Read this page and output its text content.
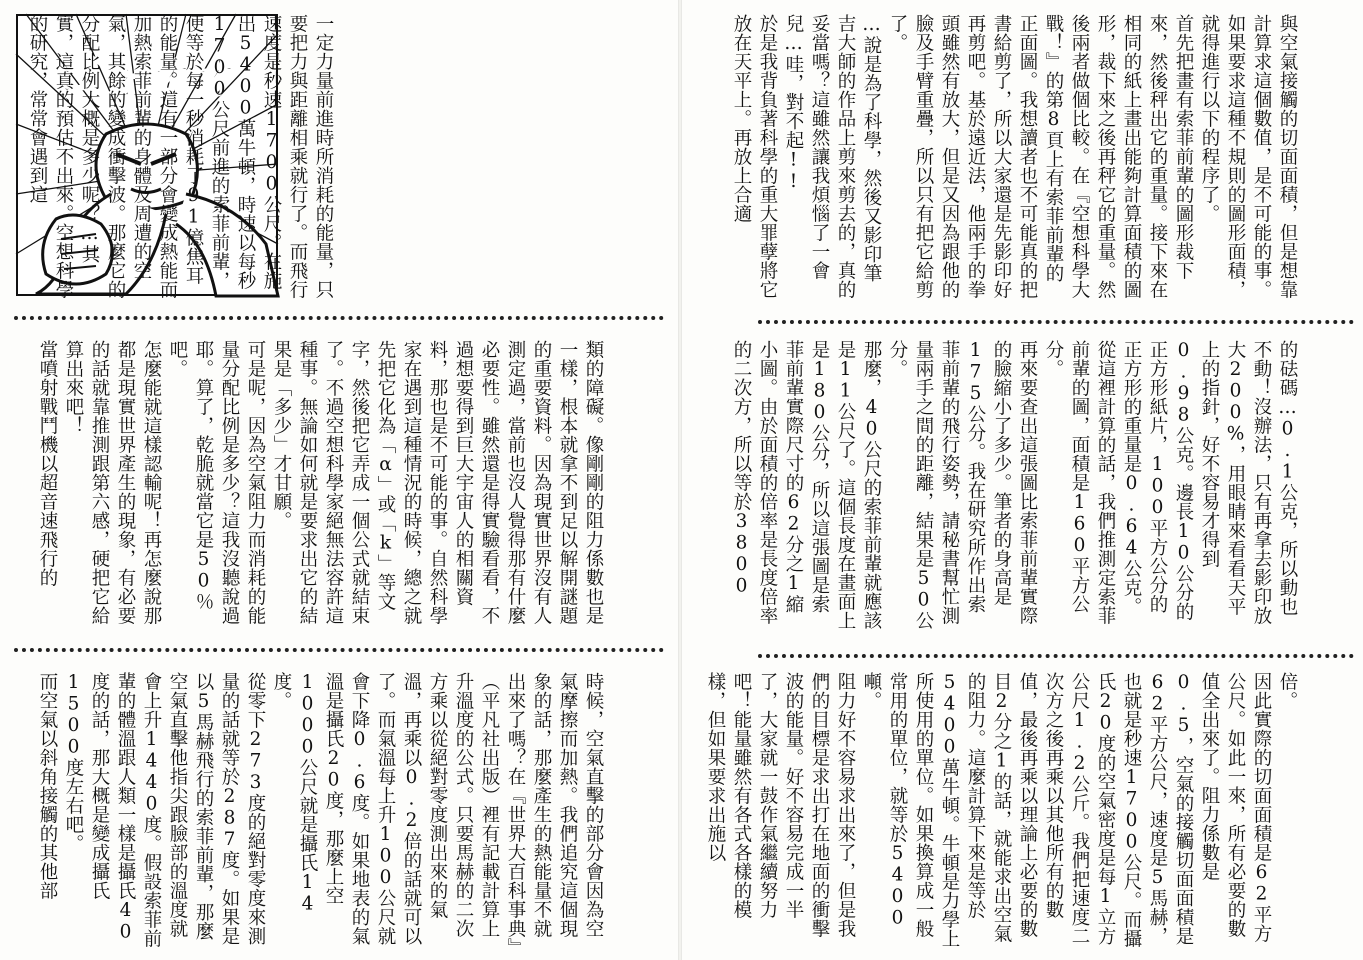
ゴォオオ

	一定力量前進時所消耗的能量，只要把力與距離相乘就行了。而飛行速度是秒速1700公尺。在施出5400萬牛頓，時速以每秒1700公尺前進的索菲前輩，便等於每一秒消耗了91億焦耳的能量。這有一部分會變成熱能而加熱索菲前輩的身體及周遭的空氣，其餘的變成衝擊波。那麼它的分配比例大概是多少呢？…其實，這真的預估不出來。空想科學的研究，常常會遇到這

類的障礙。像剛剛的阻力係數也是一樣，根本就拿不到足以解開謎題的重要資料。因為現實世界沒有人測定過，當前也沒人覺得那有什麼必要性。雖然還是得實驗看看，不過想要得到巨大宇宙人的相關資料，那也是不可能的事。自然科學家在遇到這種情況的時候，總之就先把它化為「α」或「k」等文字，然後把它弄成一個公式就結束了。不過空想科學家絕無法容許這種事。無論如何就是要求出它的結果是「多少」才甘願。
可是呢，因為空氣阻力而消耗的能量分配比例是多少？這我沒聽說過耶。算了，乾脆就當它是50％吧。
怎麼能就這樣認輸呢！再怎麼說那都是現實世界產生的現象，有必要的話就靠推測跟第六感，硬把它給算出來吧！
當噴射戰鬥機以超音速飛行的

時候，空氣直擊的部分會因為空氣摩擦而加熱。我們追究這個現象的話，那麼產生的熱能量不就出來了嗎？在『世界大百科事典』（平凡社出版）裡有記載計算上升溫度的公式。只要馬赫的二次方乘以從絕對零度測出來的氣溫，再乘以0.2倍的話就可以了。而氣溫每上升100公尺就會下降0.6度。如果地表的氣溫是攝氏20度，那麼上空1000公尺就是攝氏14度。
從零下273度的絕對零度來測量的話就等於287度。如果是以5馬赫飛行的索菲前輩，那麼空氣直擊他指尖跟臉部的溫度就會上升1440度。假設索菲前輩的體溫跟人類一樣是攝氏40度的話，那大概是變成攝氏1500度左右吧。
而空氣以斜角接觸的其他部

與空氣接觸的切面面積，但是想靠計算求這個數值，是不可能的事。如果要求這種不規則的圖形面積，就得進行以下的程序了。
首先把畫有索菲前輩的圖形裁下來，然後秤出它的重量。接下來在相同的紙上畫出能夠計算面積的圖形，裁下來之後再秤它的重量。然後兩者做個比較。在『空想科學大戰！』的第8頁上有索菲前輩的正面圖。我想讀者也不可能真的把書給剪了，所以大家還是先影印好再剪吧。基於遠近法，他兩手的拳頭雖然有放大，但是又因為跟他的臉及手臂重疊，所以只有把它給剪了。
…說是為了科學，然後又影印筆吉大師的作品上剪來剪去的，真的妥當嗎？這雖然讓我煩惱了一會兒…哇，對不起!!
於是我背負著科學的重大罪孽將它放在天平上。再放上合適

的砝碼…0.1公克，所以動也不動！沒辦法，只有再拿去影印放大200%，用眼睛來看看天平上的指針，好不容易才得到0.98公克。邊長10公分的正方形紙片，100平方公分的正方形的重量是0.64公克。從這裡計算的話，我們推測定索菲前輩的圖，面積是160平方公分。
再來要查出這張圖比索菲前輩實際的臉縮小了多少。筆者的身高是175公分。我在研究所作出索菲前輩的飛行姿勢，請秘書幫忙測量兩手之間的距離，結果是50公分。
那麼，40公尺的索菲前輩就應該是11公尺了。這個長度在畫面上是180公分，所以這張圖是索菲前輩實際尺寸的62分之1縮小圖。由於面積的倍率是長度倍率的二次方，所以等於3800

倍。
因此實際的切面面積是62平方公尺。如此一來，所有必要的數值全出來了。阻力係數是0.5，空氣的接觸切面面積是62平方公尺，速度是5馬赫，也就是秒速1700公尺。而攝氏20度的空氣密度是每1立方公尺1.2公斤。我們把速度二次方之後再乘以其他所有的數值，最後再乘以理論上必要的數目2分之1的話，就能求出空氣的阻力。這麼計算下來是等於5400萬牛頓。牛頓是力學上所使用的單位。如果換算成一般常用的單位，就等於5400噸。
阻力好不容易求出來了，但是我們的目標是求出打在地面的衝擊波的能量。好不容易完成一半了，大家就一鼓作氣繼續努力吧！能量雖然有各式各樣的模樣，但如果要求出施以
